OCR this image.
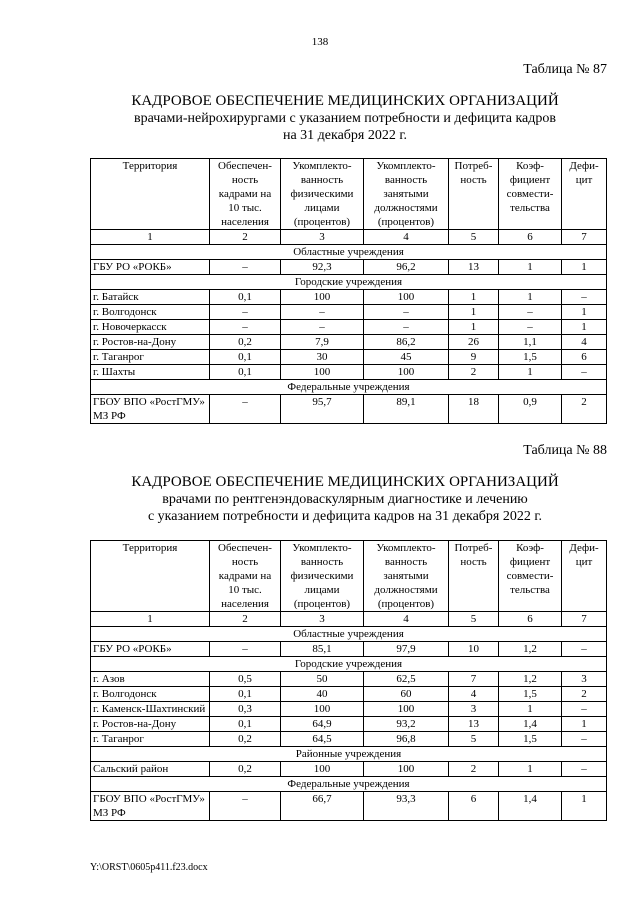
138
Таблица № 87
КАДРОВОЕ ОБЕСПЕЧЕНИЕ МЕДИЦИНСКИХ ОРГАНИЗАЦИЙ
врачами-нейрохирургами с указанием потребности и дефицита кадров
на 31 декабря 2022 г.
Территория	Обеспечен-ность кадрами на 10 тыс. населения	Укомплекто-ванность физическими лицами (процентов)	Укомплекто-ванность занятыми должностями (процентов)	Потреб-ность	Коэф-фициент совмести-тельства	Дефи-цит
1	2	3	4	5	6	7
Областные учреждения						
ГБУ РО «РОКБ»	–	92,3	96,2	13	1	1
Городские учреждения						
г. Батайск	0,1	100	100	1	1	–
г. Волгодонск	–	–	–	1	–	1
г. Новочеркасск	–	–	–	1	–	1
г. Ростов-на-Дону	0,2	7,9	86,2	26	1,1	4
г. Таганрог	0,1	30	45	9	1,5	6
г. Шахты	0,1	100	100	2	1	–
Федеральные учреждения						
ГБОУ ВПО «РостГМУ» МЗ РФ	–	95,7	89,1	18	0,9	2
Таблица № 88
КАДРОВОЕ ОБЕСПЕЧЕНИЕ МЕДИЦИНСКИХ ОРГАНИЗАЦИЙ
врачами по рентгенэндоваскулярным диагностике и лечению
с указанием потребности и дефицита кадров на 31 декабря 2022 г.
Территория	Обеспечен-ность кадрами на 10 тыс. населения	Укомплекто-ванность физическими лицами (процентов)	Укомплекто-ванность занятыми должностями (процентов)	Потреб-ность	Коэф-фициент совмести-тельства	Дефи-цит
1	2	3	4	5	6	7
Областные учреждения						
ГБУ РО «РОКБ»	–	85,1	97,9	10	1,2	–
Городские учреждения						
г. Азов	0,5	50	62,5	7	1,2	3
г. Волгодонск	0,1	40	60	4	1,5	2
г. Каменск-Шахтинский	0,3	100	100	3	1	–
г. Ростов-на-Дону	0,1	64,9	93,2	13	1,4	1
г. Таганрог	0,2	64,5	96,8	5	1,5	–
Районные учреждения						
Сальский район	0,2	100	100	2	1	–
Федеральные учреждения						
ГБОУ ВПО «РостГМУ» МЗ РФ	–	66,7	93,3	6	1,4	1
Y:\ORST\0605p411.f23.docx
